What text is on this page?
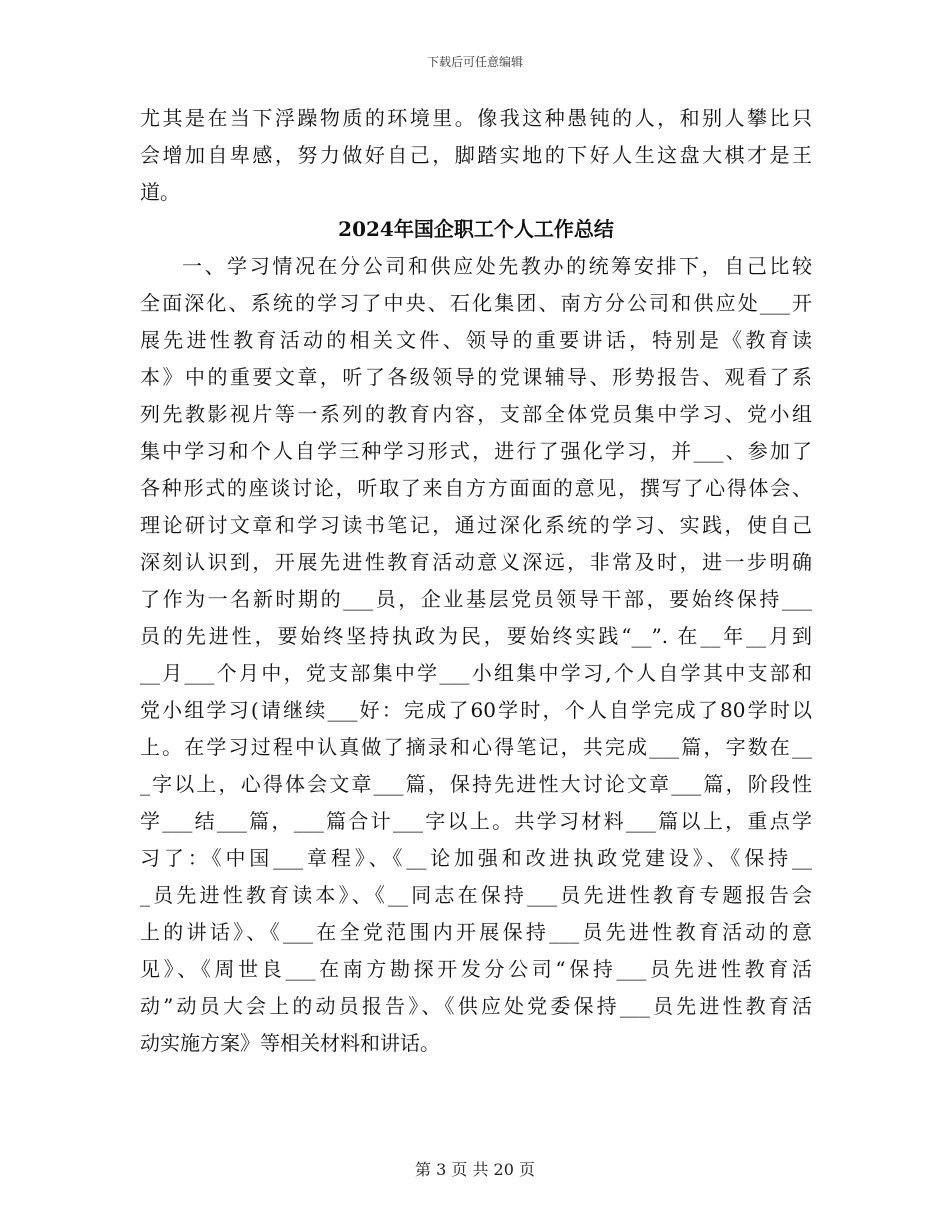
下载后可任意编辑
尤其是在当下浮躁物质的环境里。像我这种愚钝的人，和别人攀比只
会增加自卑感，努力做好自己，脚踏实地的下好人生这盘大棋才是王
道。
2024年国企职工个人工作总结
一、学习情况在分公司和供应处先教办的统筹安排下，自己比较
全面深化、系统的学习了中央、石化集团、南方分公司和供应处___开
展先进性教育活动的相关文件、领导的重要讲话，特别是《教育读
本》中的重要文章，听了各级领导的党课辅导、形势报告、观看了系
列先教影视片等一系列的教育内容，支部全体党员集中学习、党小组
集中学习和个人自学三种学习形式，进行了强化学习，并___、参加了
各种形式的座谈讨论，听取了来自方方面面的意见，撰写了心得体会、
理论研讨文章和学习读书笔记，通过深化系统的学习、实践，使自己
深刻认识到，开展先进性教育活动意义深远，非常及时，进一步明确
了作为一名新时期的___员，企业基层党员领导干部，要始终保持___
员的先进性，要始终坚持执政为民，要始终实践“__”. 在__年__月到
__月___个月中，党支部集中学___小组集中学习,个人自学其中支部和
党小组学习(请继续___好：完成了60学时，个人自学完成了80学时以
上。在学习过程中认真做了摘录和心得笔记，共完成___篇，字数在__
_字以上，心得体会文章___篇，保持先进性大讨论文章___篇，阶段性
学___结___篇，___篇合计___字以上。共学习材料___篇以上，重点学
习了：《中国___章程》、《__论加强和改进执政党建设》、《保持__
_员先进性教育读本》、《__同志在保持___员先进性教育专题报告会
上的讲话》、《___在全党范围内开展保持___员先进性教育活动的意
见》、《周世良___在南方勘探开发分公司“保持___员先进性教育活
动”动员大会上的动员报告》、《供应处党委保持___员先进性教育活
动实施方案》等相关材料和讲话。
第 3 页 共 20 页
